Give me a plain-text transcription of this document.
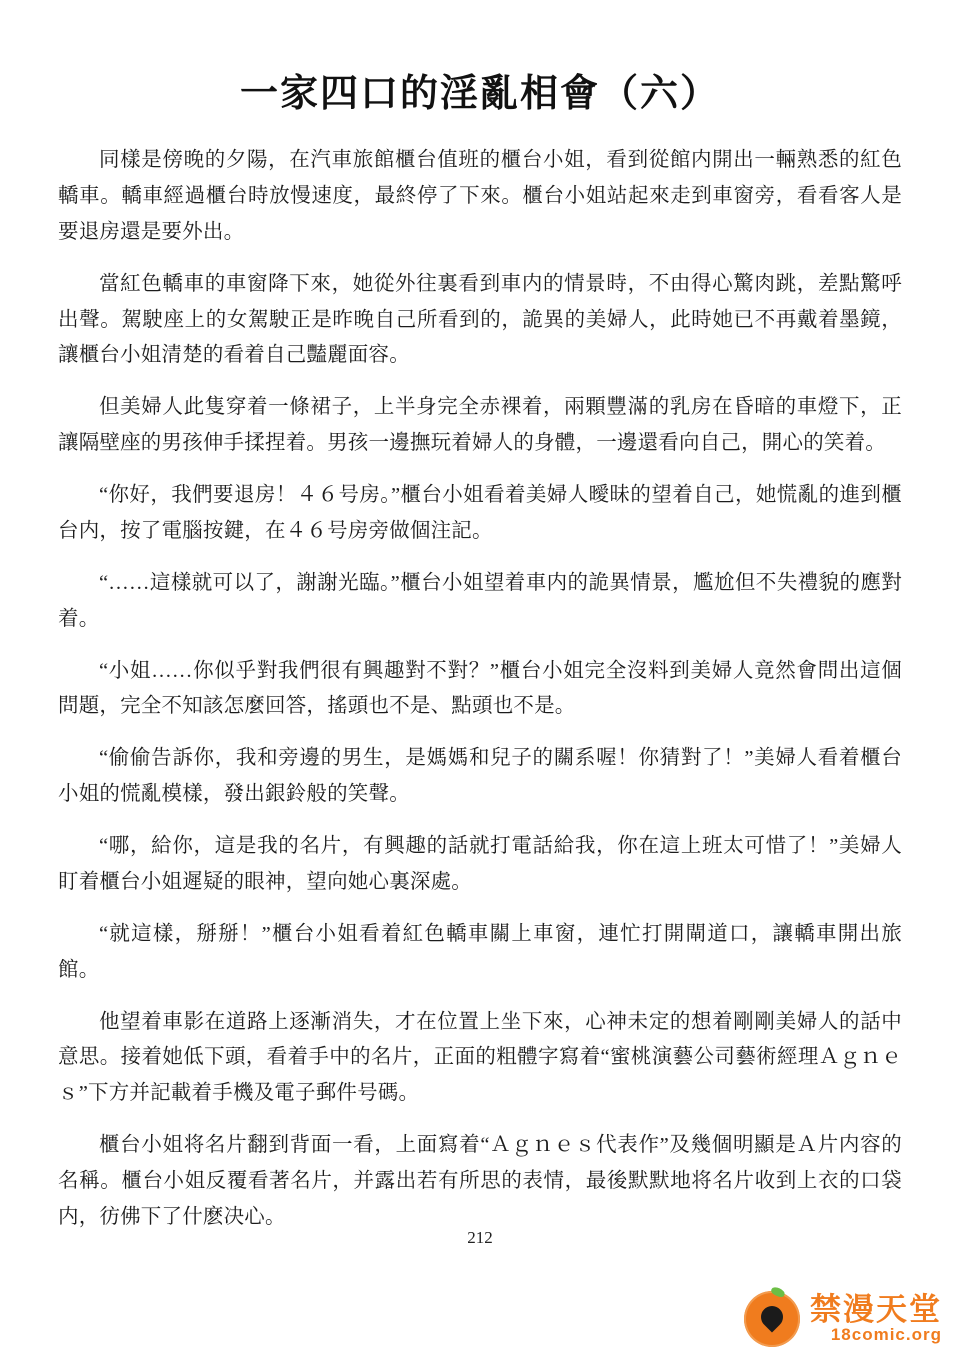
一家四口的淫亂相會（六）

同樣是傍晚的夕陽，在汽車旅館櫃台值班的櫃台小姐，看到從館内開出一輛熟悉的紅色轎車。轎車經過櫃台時放慢速度，最終停了下來。櫃台小姐站起來走到車窗旁，看看客人是要退房還是要外出。

當紅色轎車的車窗降下來，她從外往裏看到車内的情景時，不由得心驚肉跳，差點驚呼出聲。駕駛座上的女駕駛正是昨晚自己所看到的，詭異的美婦人，此時她已不再戴着墨鏡，讓櫃台小姐清楚的看着自己豔麗面容。

但美婦人此隻穿着一條裙子，上半身完全赤裸着，兩顆豐滿的乳房在昏暗的車燈下，正讓隔壁座的男孩伸手揉捏着。男孩一邊撫玩着婦人的身體，一邊還看向自己，開心的笑着。

“你好，我們要退房！４６号房。”櫃台小姐看着美婦人曖昧的望着自己，她慌亂的進到櫃台内，按了電腦按鍵，在４６号房旁做個注記。

“……這樣就可以了，謝謝光臨。”櫃台小姐望着車内的詭異情景，尷尬但不失禮貌的應對着。

“小姐……你似乎對我們很有興趣對不對？”櫃台小姐完全沒料到美婦人竟然會問出這個問題，完全不知該怎麼回答，搖頭也不是、點頭也不是。

“偷偷告訴你，我和旁邊的男生，是媽媽和兒子的關系喔！你猜對了！”美婦人看着櫃台小姐的慌亂模樣，發出銀鈴般的笑聲。

“哪，給你，這是我的名片，有興趣的話就打電話給我，你在這上班太可惜了！”美婦人盯着櫃台小姐遲疑的眼神，望向她心裏深處。

“就這樣，掰掰！”櫃台小姐看着紅色轎車關上車窗，連忙打開閘道口，讓轎車開出旅館。

他望着車影在道路上逐漸消失，才在位置上坐下來，心神未定的想着剛剛美婦人的話中意思。接着她低下頭，看着手中的名片，正面的粗體字寫着“蜜桃演藝公司藝術經理Ａｇｎｅｓ”下方并記載着手機及電子郵件号碼。

櫃台小姐将名片翻到背面一看，上面寫着“Ａｇｎｅｓ代表作”及幾個明顯是Ａ片内容的名稱。櫃台小姐反覆看著名片，并露出若有所思的表情，最後默默地将名片收到上衣的口袋内，彷佛下了什麽决心。

212
禁漫天堂
18comic.org
